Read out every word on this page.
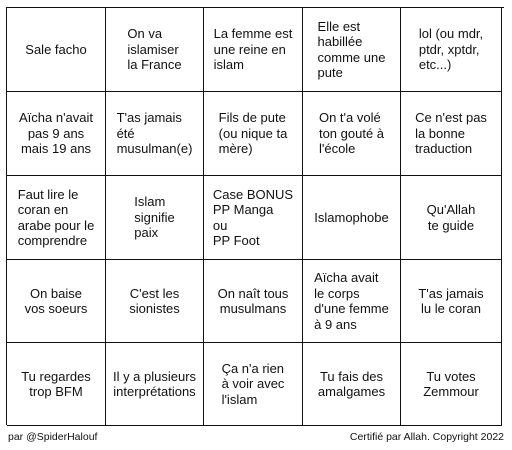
Sale facho
On va
islamiser
la France
La femme est
une reine en
islam
Elle est
habillée
comme une
pute
lol (ou mdr,
ptdr, xptdr,
etc...)
Aïcha n'avait
pas 9 ans
mais 19 ans
T'as jamais
été
musulman(e)
Fils de pute
(ou nique ta
mère)
On t'a volé
ton gouté à
l'école
Ce n'est pas
la bonne
traduction
Faut lire le
coran en
arabe pour le
comprendre
Islam
signifie
paix
Case BONUS
PP Manga
ou
PP Foot
Islamophobe
Qu'Allah
te guide
On baise
vos soeurs
C'est les
sionistes
On naît tous
musulmans
Aïcha avait
le corps
d'une femme
à 9 ans
T'as jamais
lu le coran
Tu regardes
trop BFM
Il y a plusieurs
interprétations
Ça n'a rien
à voir avec
l'islam
Tu fais des
amalgames
Tu votes
Zemmour
par @SpiderHalouf	Certifié par Allah. Copyright 2022
